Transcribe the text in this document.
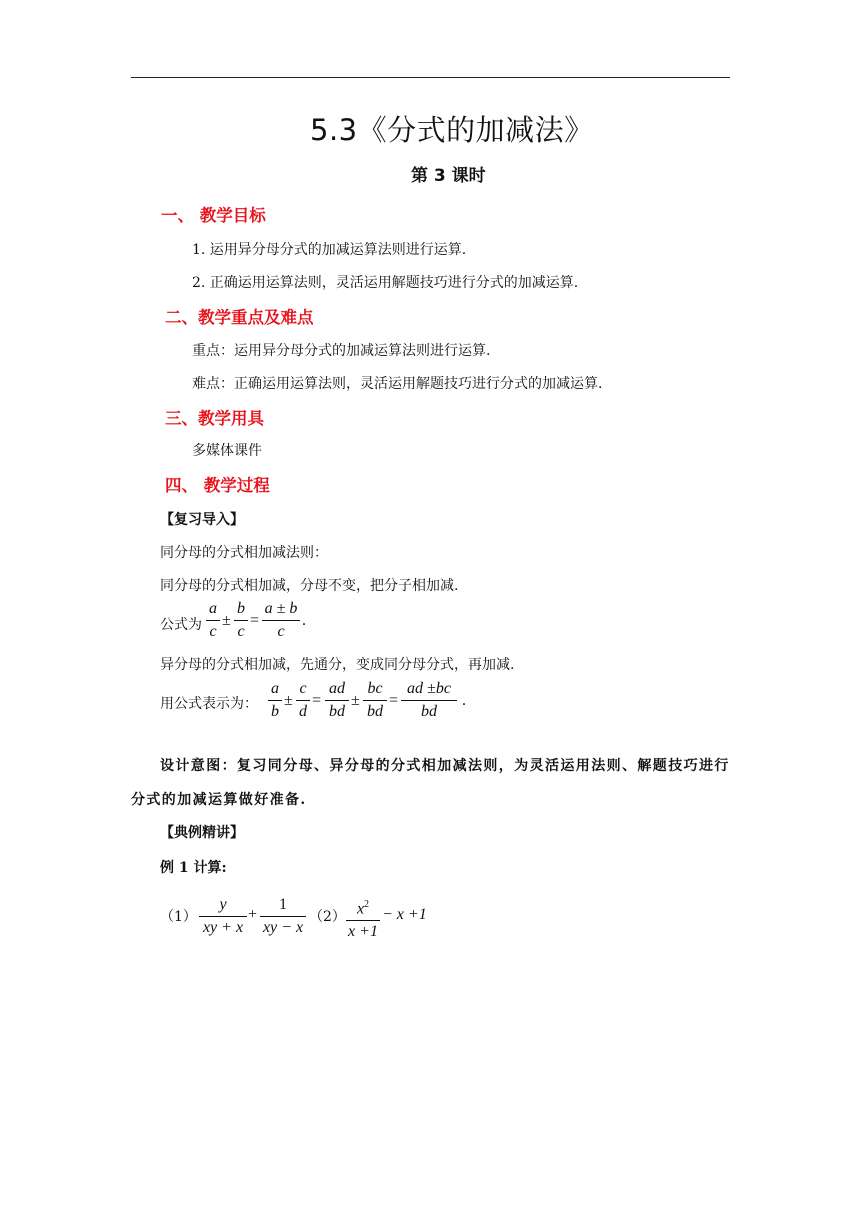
5.3《分式的加减法》
第 3 课时
一、 教学目标
1. 运用异分母分式的加减运算法则进行运算.
2. 正确运用运算法则，灵活运用解题技巧进行分式的加减运算.
二、教学重点及难点
重点：运用异分母分式的加减运算法则进行运算.
难点：正确运用运算法则，灵活运用解题技巧进行分式的加减运算.
三、教学用具
多媒体课件
四、 教学过程
【复习导入】
同分母的分式相加减法则：
同分母的分式相加减，分母不变，把分子相加减.
公式为
a
c
±
b
c
=
a ± b
c
.
异分母的分式相加减，先通分，变成同分母分式，再加减.
用公式表示为：
a
b
±
c
d
=
ad
bd
±
bc
bd
=
ad ±bc
bd
.
设计意图：复习同分母、异分母的分式相加减法则，为灵活运用法则、解题技巧进行
分式的加减运算做好准备.
【典例精讲】
例 1 计算:
（1）
y
xy + x
+
1
xy − x
（2） $x^2$
x +1
− x +1
